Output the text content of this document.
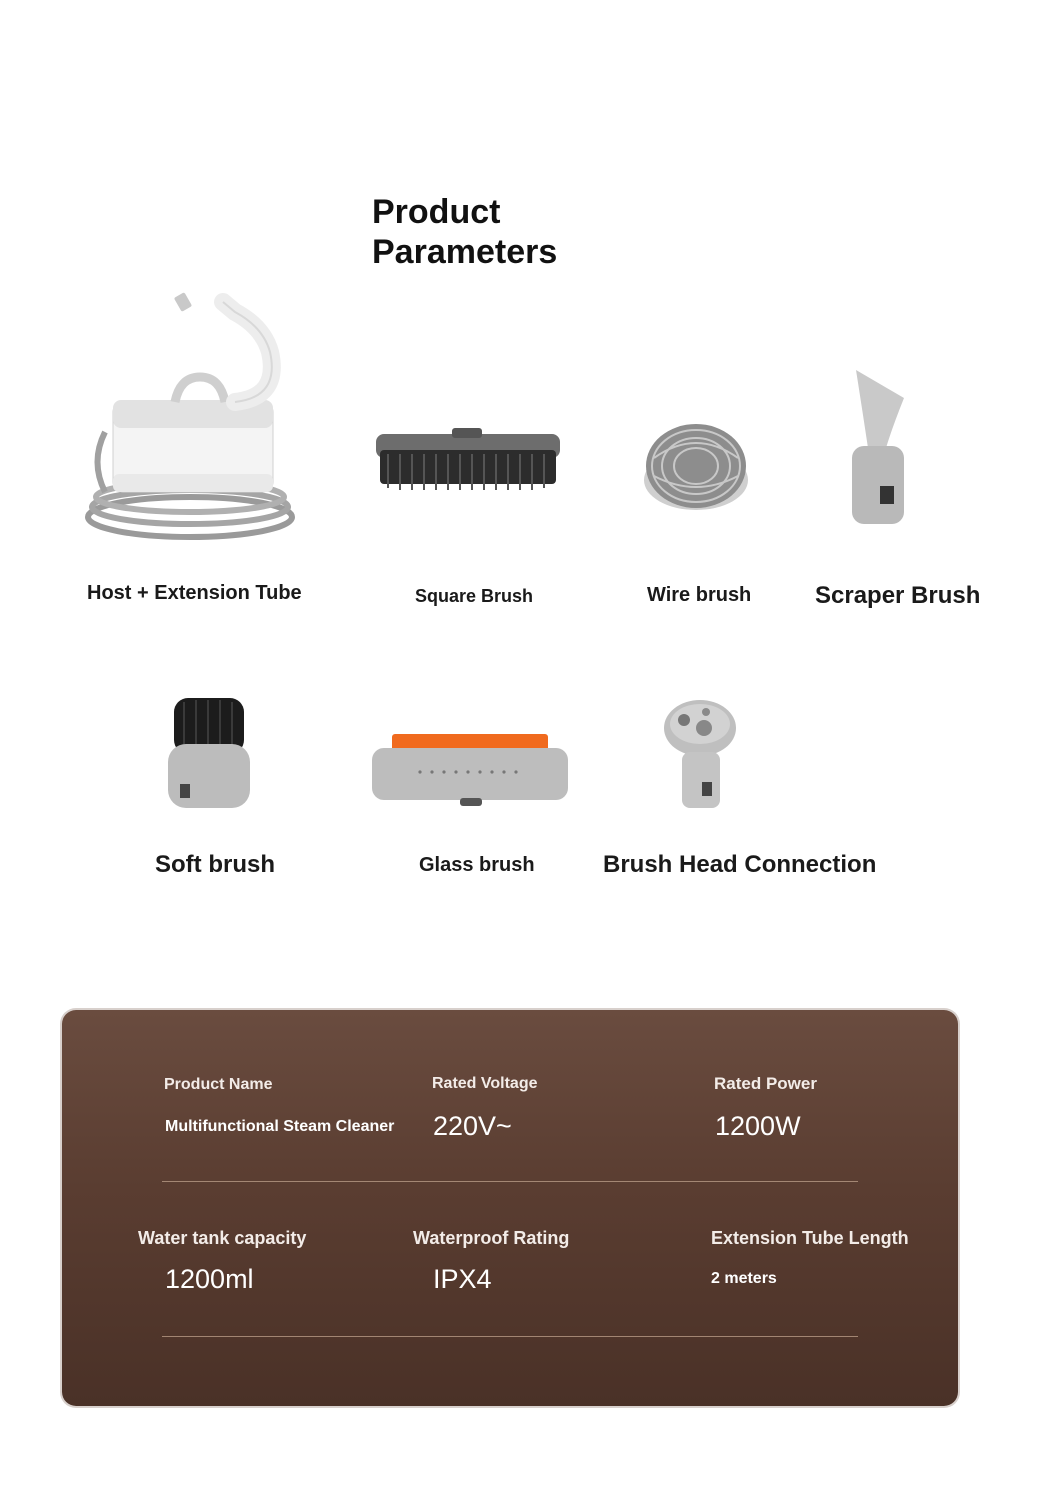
Product
Parameters
Host + Extension Tube	Square Brush	Wire brush	Scraper Brush
Soft brush	Glass brush	Brush Head Connection
Product Name
Multifunctional Steam Cleaner
Rated Voltage
220V~
Rated Power
1200W
Water tank capacity
1200ml
Waterproof Rating
IPX4
Extension Tube Length
2 meters
